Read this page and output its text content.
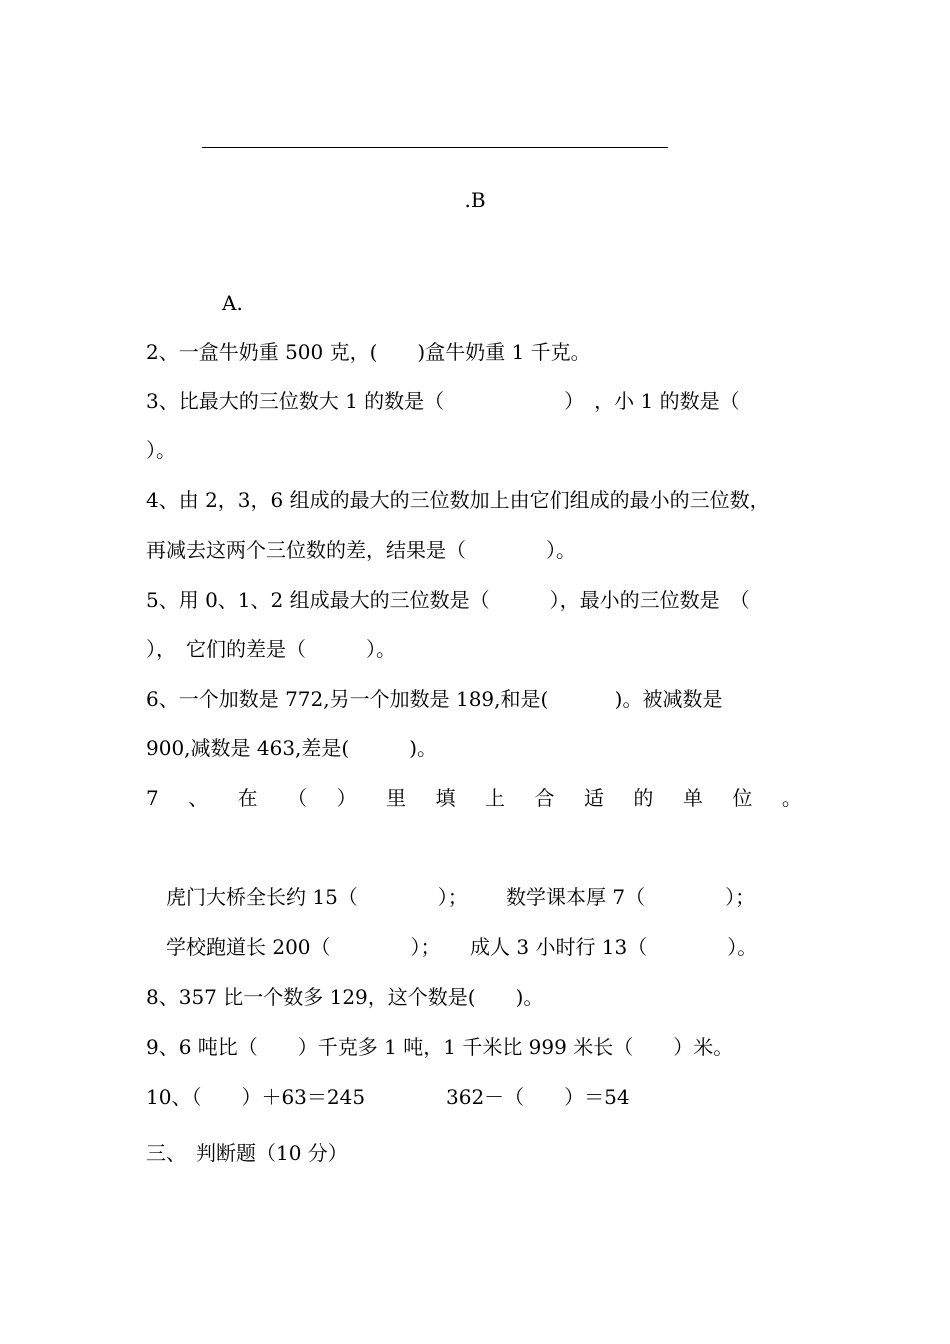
.B
A.
2、一盒牛奶重 500 克，(　　)盒牛奶重 1 千克。
3、比最大的三位数大 1 的数是（　　　　　　）　，小 1 的数是（
）。
4、由 2，3，6 组成的最大的三位数加上由它们组成的最小的三位数，
再减去这两个三位数的差，结果是（　　　　）。
5、用 0、1、2 组成最大的三位数是（　　　），最小的三位数是　（
），　它们的差是（　　　）。
6、一个加数是 772,另一个加数是 189,和是(　　　 )。被减数是
900,减数是 463,差是(　　　)。
7 、 在 （ ） 里 填 上 合 适 的 单 位 。
虎门大桥全长约 15（　　　　）； 数学课本厚 7（　　　　）；
学校跑道长 200（　　　　）； 成人 3 小时行 13（　　　　）。
8、357 比一个数多 129，这个数是(　　)。
9、6 吨比（　　）千克多 1 吨，1 千米比 999 米长（　　）米。
10、（　　）＋63＝245	362－（　　）＝54
三、　判断题（10 分）
